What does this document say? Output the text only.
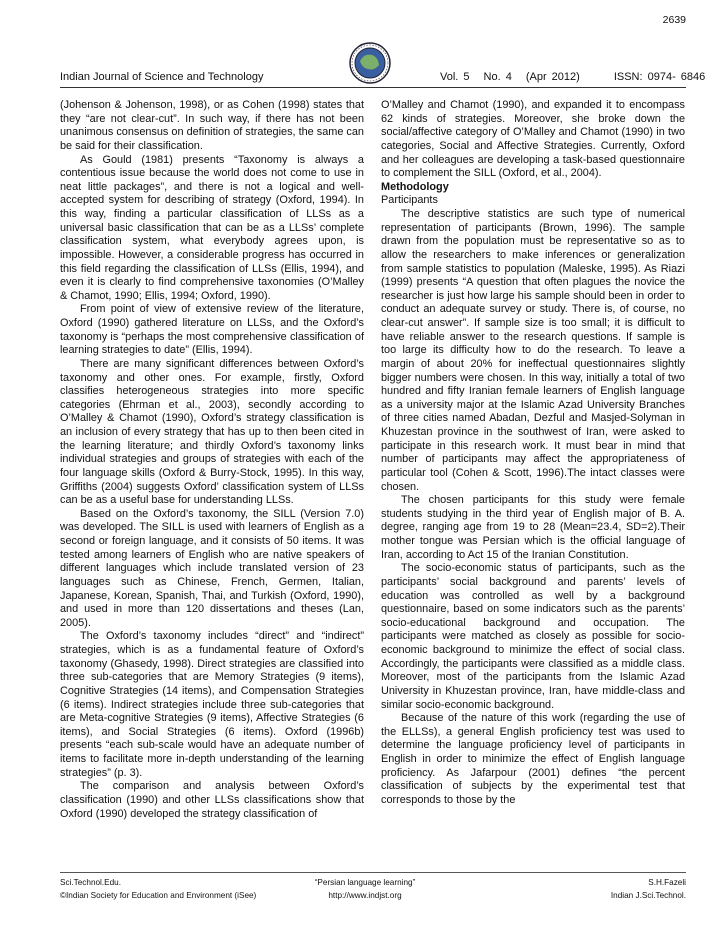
2639
Indian Journal of Science and Technology	Vol. 5 No. 4 (Apr 2012)	ISSN: 0974- 6846

(Johenson & Johenson, 1998), or as Cohen (1998) states that they “are not clear-cut”. In such way, if there has not been unanimous consensus on definition of strategies, the same can be said for their classification.

As Gould (1981) presents “Taxonomy is always a contentious issue because the world does not come to use in neat little packages”, and there is not a logical and well-accepted system for describing of strategy (Oxford, 1994). In this way, finding a particular classification of LLSs as a universal basic classification that can be as a LLSs’ complete classification system, what everybody agrees upon, is impossible. However, a considerable progress has occurred in this field regarding the classification of LLSs (Ellis, 1994), and even it is clearly to find comprehensive taxonomies (O’Malley & Chamot, 1990; Ellis, 1994; Oxford, 1990).

From point of view of extensive review of the literature, Oxford (1990) gathered literature on LLSs, and the Oxford’s taxonomy is “perhaps the most comprehensive classification of learning strategies to date” (Ellis, 1994).

There are many significant differences between Oxford’s taxonomy and other ones. For example, firstly, Oxford classifies heterogeneous strategies into more specific categories (Ehrman et al., 2003), secondly according to O’Malley & Chamot (1990), Oxford’s strategy classification is an inclusion of every strategy that has up to then been cited in the learning literature; and thirdly Oxford’s taxonomy links individual strategies and groups of strategies with each of the four language skills (Oxford & Burry-Stock, 1995). In this way, Griffiths (2004) suggests Oxford’ classification system of LLSs can be as a useful base for understanding LLSs.

Based on the Oxford’s taxonomy, the SILL (Version 7.0) was developed. The SILL is used with learners of English as a second or foreign language, and it consists of 50 items. It was tested among learners of English who are native speakers of different languages which include translated version of 23 languages such as Chinese, French, Germen, Italian, Japanese, Korean, Spanish, Thai, and Turkish (Oxford, 1990), and used in more than 120 dissertations and theses (Lan, 2005).

The Oxford’s taxonomy includes “direct” and “indirect” strategies, which is as a fundamental feature of Oxford’s taxonomy (Ghasedy, 1998). Direct strategies are classified into three sub-categories that are Memory Strategies (9 items), Cognitive Strategies (14 items), and Compensation Strategies (6 items). Indirect strategies include three sub-categories that are Meta-cognitive Strategies (9 items), Affective Strategies (6 items), and Social Strategies (6 items). Oxford (1996b) presents “each sub-scale would have an adequate number of items to facilitate more in-depth understanding of the learning strategies” (p. 3).

The comparison and analysis between Oxford’s classification (1990) and other LLSs classifications show that Oxford (1990) developed the strategy classification of

O’Malley and Chamot (1990), and expanded it to encompass 62 kinds of strategies. Moreover, she broke down the social/affective category of O’Malley and Chamot (1990) in two categories, Social and Affective Strategies. Currently, Oxford and her colleagues are developing a task-based questionnaire to complement the SILL (Oxford, et al., 2004).

Methodology

Participants

The descriptive statistics are such type of numerical representation of participants (Brown, 1996). The sample drawn from the population must be representative so as to allow the researchers to make inferences or generalization from sample statistics to population (Maleske, 1995). As Riazi (1999) presents “A question that often plagues the novice the researcher is just how large his sample should been in order to conduct an adequate survey or study. There is, of course, no clear-cut answer”. If sample size is too small; it is difficult to have reliable answer to the research questions. If sample is too large its difficulty how to do the research. To leave a margin of about 20% for ineffectual questionnaires slightly bigger numbers were chosen. In this way, initially a total of two hundred and fifty Iranian female learners of English language as a university major at the Islamic Azad University Branches of three cities named Abadan, Dezful and Masjed-Solyman in Khuzestan province in the southwest of Iran, were asked to participate in this research work. It must bear in mind that number of participants may affect the appropriateness of particular tool (Cohen & Scott, 1996).The intact classes were chosen.

The chosen participants for this study were female students studying in the third year of English major of B. A. degree, ranging age from 19 to 28 (Mean=23.4, SD=2).Their mother tongue was Persian which is the official language of Iran, according to Act 15 of the Iranian Constitution.

The socio-economic status of participants, such as the participants’ social background and parents’ levels of education was controlled as well by a background questionnaire, based on some indicators such as the parents’ socio-educational background and occupation. The participants were matched as closely as possible for socio-economic background to minimize the effect of social class. Accordingly, the participants were classified as a middle class. Moreover, most of the participants from the Islamic Azad University in Khuzestan province, Iran, have middle-class and similar socio-economic background.

Because of the nature of this work (regarding the use of the ELLSs), a general English proficiency test was used to determine the language proficiency level of participants in English in order to minimize the effect of English language proficiency. As Jafarpour (2001) defines “the percent classification of subjects by the experimental test that corresponds to those by the

Sci.Technol.Edu.
©Indian Society for Education and Environment (iSee)
“Persian language learning”
http://www.indjst.org
S.H.Fazeli
Indian J.Sci.Technol.
